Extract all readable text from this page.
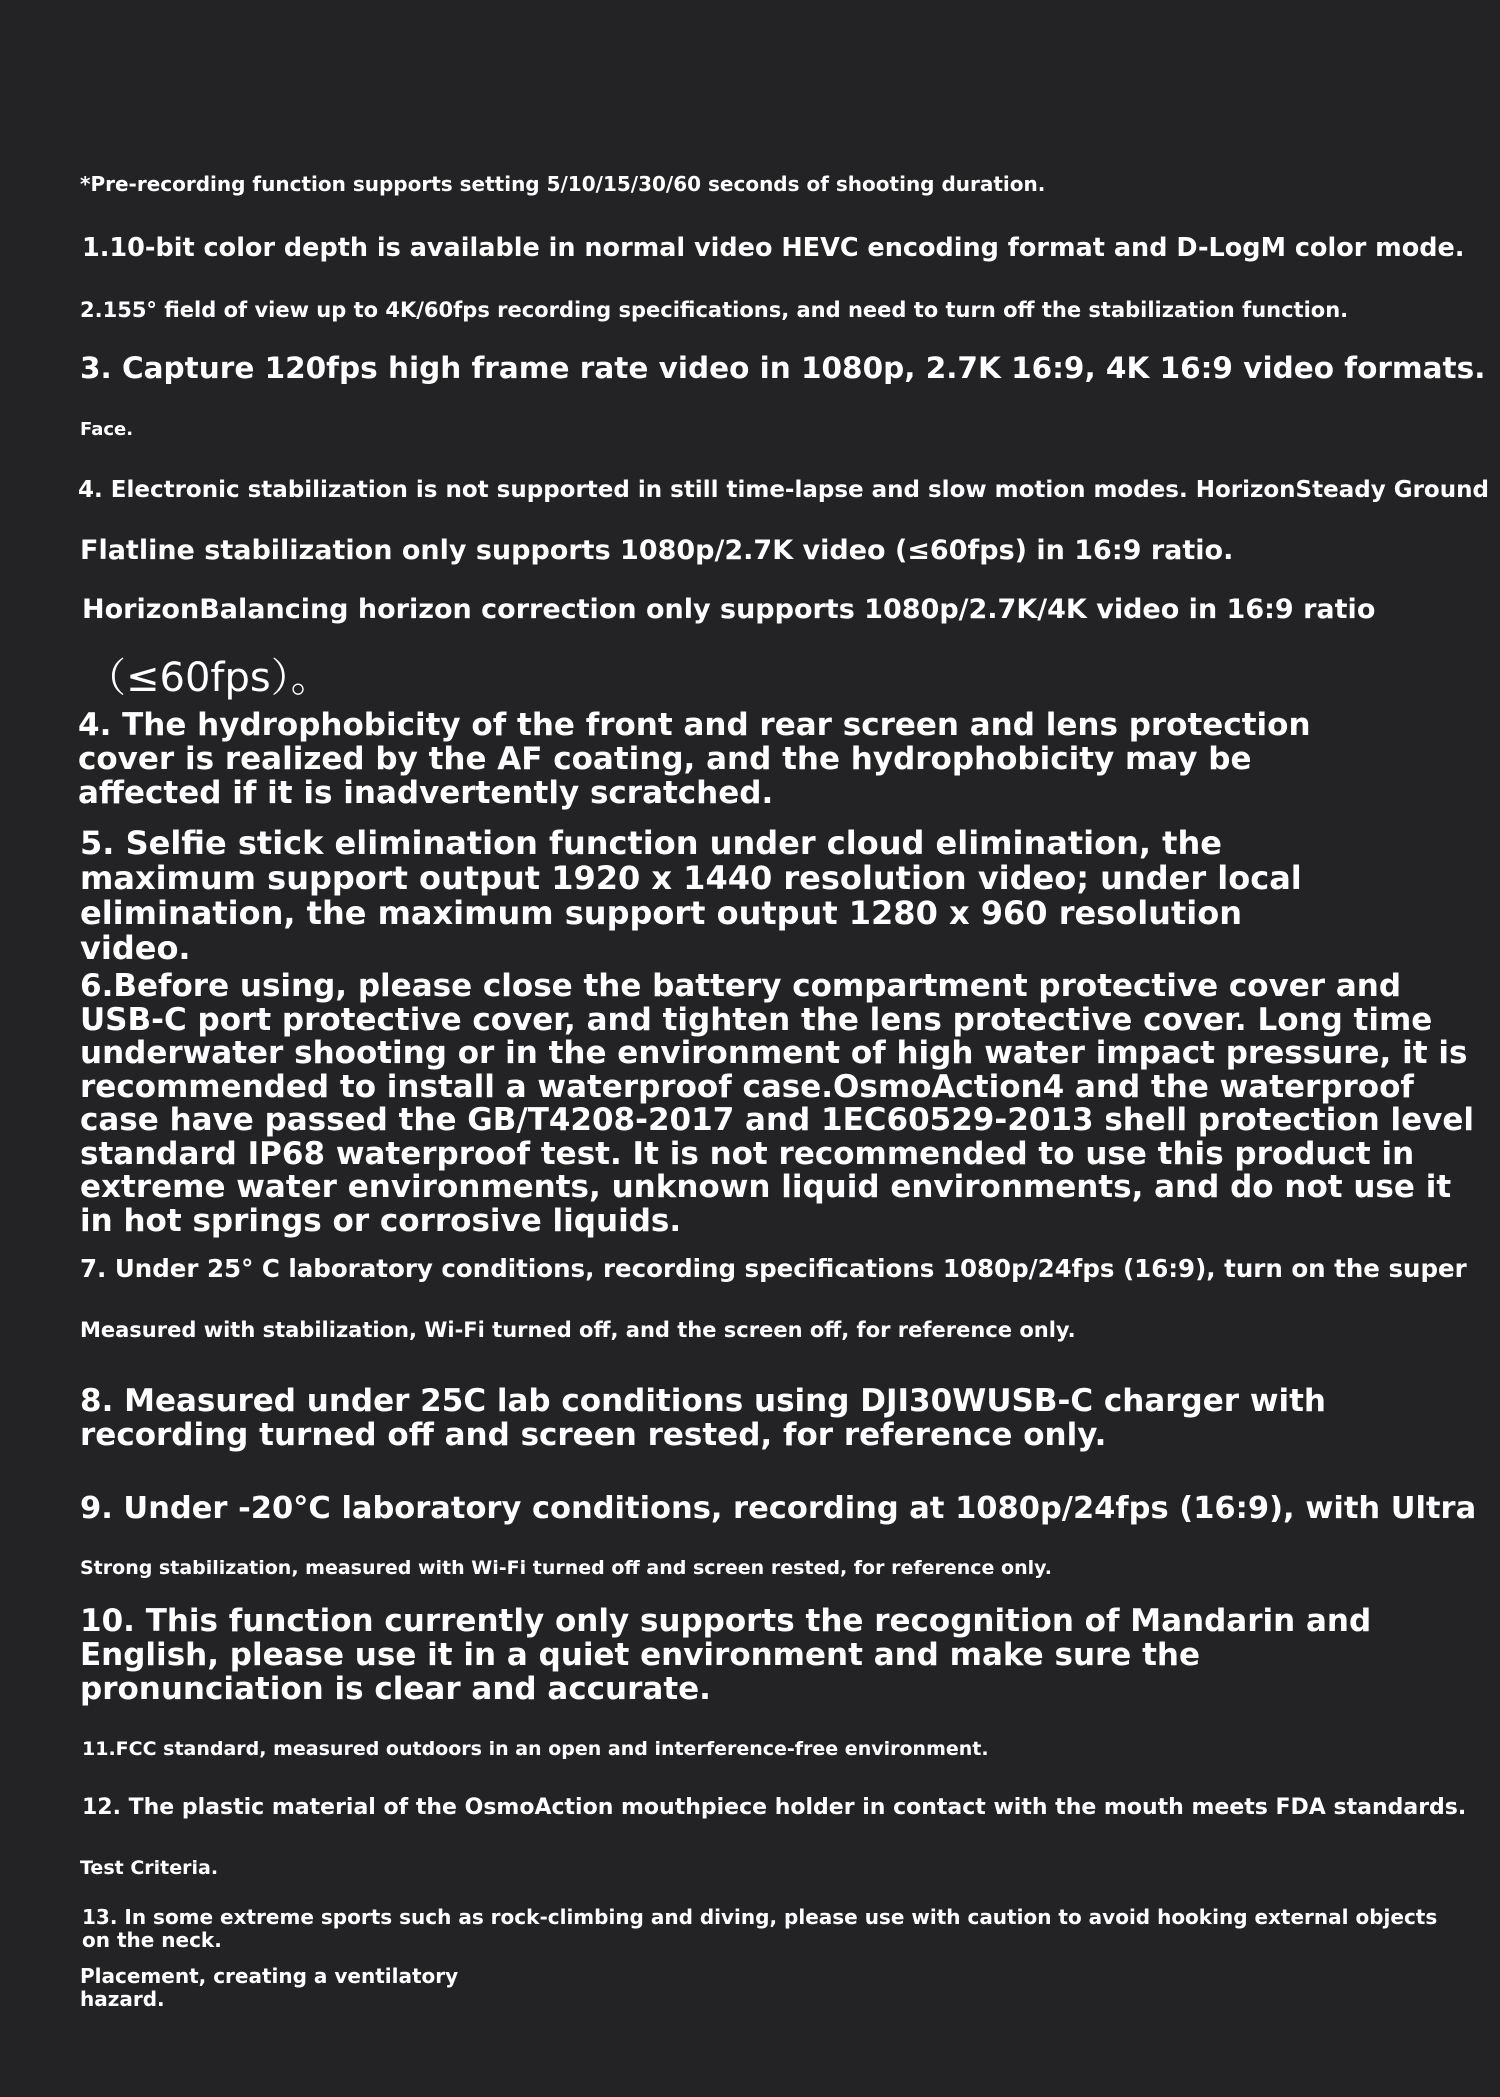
*Pre-recording function supports setting 5/10/15/30/60 seconds of shooting duration.

1.10-bit color depth is available in normal video HEVC encoding format and D-LogM color mode.

2.155° field of view up to 4K/60fps recording specifications, and need to turn off the stabilization function.

3. Capture 120fps high frame rate video in 1080p, 2.7K 16:9, 4K 16:9 video formats.

Face.

4. Electronic stabilization is not supported in still time-lapse and slow motion modes. HorizonSteady Ground

Flatline stabilization only supports 1080p/2.7K video (≤60fps) in 16:9 ratio.

HorizonBalancing horizon correction only supports 1080p/2.7K/4K video in 16:9 ratio

（≤60fps）。

4. The hydrophobicity of the front and rear screen and lens protection cover is realized by the AF coating, and the hydrophobicity may be affected if it is inadvertently scratched.

5. Selfie stick elimination function under cloud elimination, the maximum support output 1920 x 1440 resolution video; under local elimination, the maximum support output 1280 x 960 resolution video.

6.Before using, please close the battery compartment protective cover and USB-C port protective cover, and tighten the lens protective cover. Long time underwater shooting or in the environment of high water impact pressure, it is recommended to install a waterproof case.OsmoAction4 and the waterproof case have passed the GB/T4208-2017 and 1EC60529-2013 shell protection level standard IP68 waterproof test. It is not recommended to use this product in extreme water environments, unknown liquid environments, and do not use it in hot springs or corrosive liquids.

7. Under 25° C laboratory conditions, recording specifications 1080p/24fps (16:9), turn on the super

Measured with stabilization, Wi-Fi turned off, and the screen off, for reference only.

8. Measured under 25C lab conditions using DJI30WUSB-C charger with recording turned off and screen rested, for reference only.

9. Under -20°C laboratory conditions, recording at 1080p/24fps (16:9), with Ultra

Strong stabilization, measured with Wi-Fi turned off and screen rested, for reference only.

10. This function currently only supports the recognition of Mandarin and English, please use it in a quiet environment and make sure the pronunciation is clear and accurate.

11.FCC standard, measured outdoors in an open and interference-free environment.

12. The plastic material of the OsmoAction mouthpiece holder in contact with the mouth meets FDA standards.

Test Criteria.

13. In some extreme sports such as rock-climbing and diving, please use with caution to avoid hooking external objects

on the neck.

Placement, creating a ventilatory

hazard.
